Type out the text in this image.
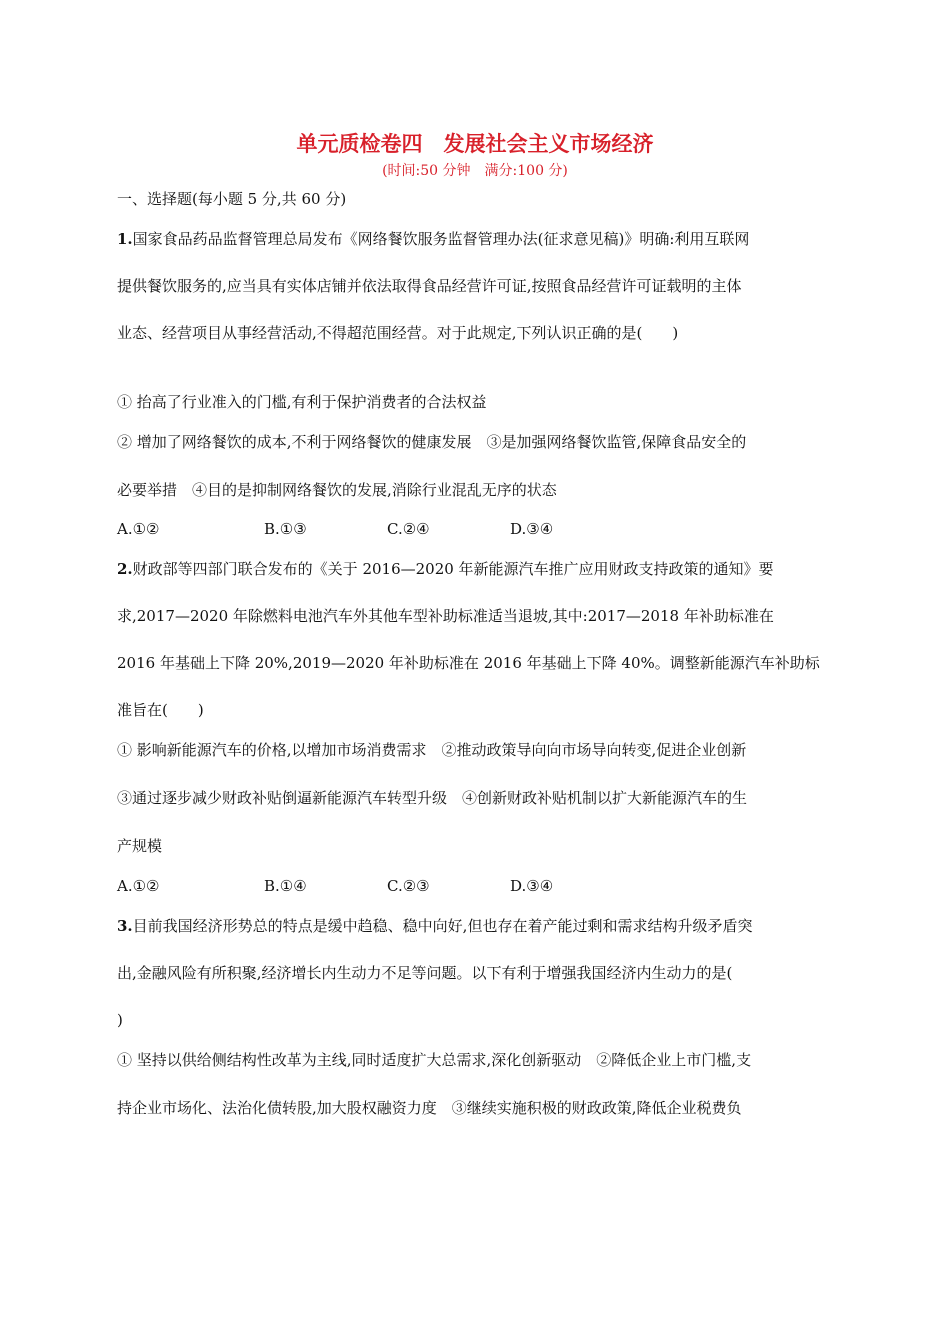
单元质检卷四　发展社会主义市场经济
(时间:50 分钟　满分:100 分)
一、选择题(每小题 5 分,共 60 分)
1.国家食品药品监督管理总局发布《网络餐饮服务监督管理办法(征求意见稿)》明确:利用互联网
提供餐饮服务的,应当具有实体店铺并依法取得食品经营许可证,按照食品经营许可证载明的主体
业态、经营项目从事经营活动,不得超范围经营。对于此规定,下列认识正确的是(　　)
① 抬高了行业准入的门槛,有利于保护消费者的合法权益
② 增加了网络餐饮的成本,不利于网络餐饮的健康发展　③是加强网络餐饮监管,保障食品安全的
必要举措　④目的是抑制网络餐饮的发展,消除行业混乱无序的状态
A.①②	B.①③	C.②④	D.③④
2.财政部等四部门联合发布的《关于 2016—2020 年新能源汽车推广应用财政支持政策的通知》要
求,2017—2020 年除燃料电池汽车外其他车型补助标准适当退坡,其中:2017—2018 年补助标准在
2016 年基础上下降 20%,2019—2020 年补助标准在 2016 年基础上下降 40%。调整新能源汽车补助标
准旨在(　　)
① 影响新能源汽车的价格,以增加市场消费需求　②推动政策导向向市场导向转变,促进企业创新
③通过逐步减少财政补贴倒逼新能源汽车转型升级　④创新财政补贴机制以扩大新能源汽车的生
产规模
A.①②	B.①④	C.②③	D.③④
3.目前我国经济形势总的特点是缓中趋稳、稳中向好,但也存在着产能过剩和需求结构升级矛盾突
出,金融风险有所积聚,经济增长内生动力不足等问题。以下有利于增强我国经济内生动力的是(
)
① 坚持以供给侧结构性改革为主线,同时适度扩大总需求,深化创新驱动　②降低企业上市门槛,支
持企业市场化、法治化债转股,加大股权融资力度　③继续实施积极的财政政策,降低企业税费负
